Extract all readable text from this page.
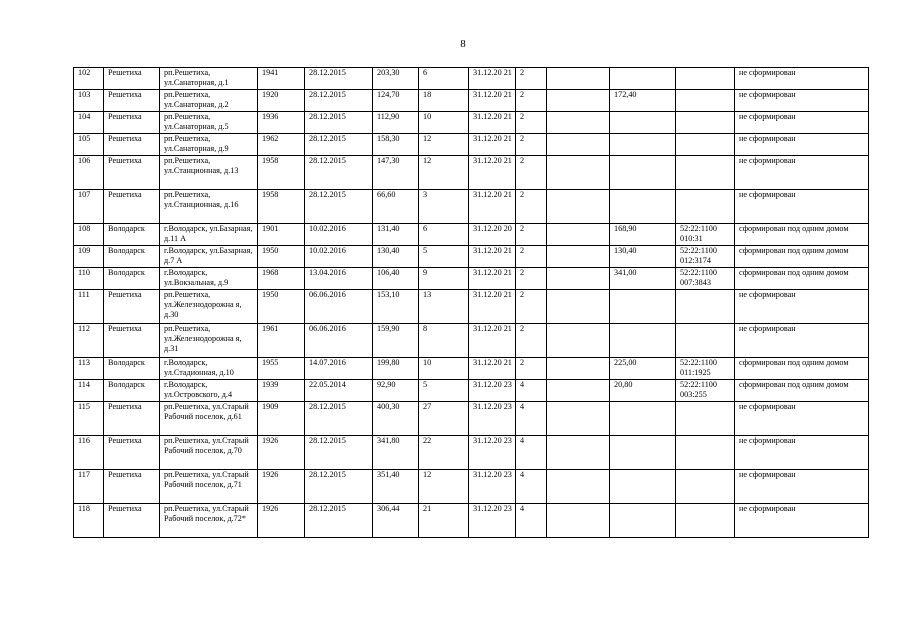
8
102	Решетиха	рп.Решетиха, ул.Санаторная, д.1	1941	28.12.2015	203,30	6	31.12.20 21	2				не сформирован
103	Решетиха	рп.Решетиха, ул.Санаторная, д.2	1920	28.12.2015	124,70	18	31.12.20 21	2		172,40		не сформирован
104	Решетиха	рп.Решетиха, ул.Санаторная, д.5	1936	28.12.2015	112,90	10	31.12.20 21	2				не сформирован
105	Решетиха	рп.Решетиха, ул.Санаторная, д.9	1962	28.12.2015	158,30	12	31.12.20 21	2				не сформирован
106	Решетиха	рп.Решетиха, ул.Станционная, д.13	1958	28.12.2015	147,30	12	31.12.20 21	2				не сформирован
107	Решетиха	рп.Решетиха, ул.Станционная, д.16	1958	28.12.2015	66,60	3	31.12.20 21	2				не сформирован
108	Володарск	г.Володарск, ул.Базарная, д.11 А	1901	10.02.2016	131,40	6	31.12.20 20	2		168,90	52:22:1100 010:31	сформирован под одним домом
109	Володарск	г.Володарск, ул.Базарная, д.7 А	1950	10.02.2016	130,40	5	31.12.20 21	2		130,40	52:22:1100 012:3174	сформирован под одним домом
110	Володарск	г.Володарск, ул.Вокзальная, д.9	1968	13.04.2016	106,40	9	31.12.20 21	2		341,00	52:22:1100 007:3843	сформирован под одним домом
111	Решетиха	рп.Решетиха, ул.Железнодорожна я, д.30	1950	06.06.2016	153,10	13	31.12.20 21	2				не сформирован
112	Решетиха	рп.Решетиха, ул.Железнодорожна я, д.31	1961	06.06.2016	159,90	8	31.12.20 21	2				не сформирован
113	Володарск	г.Володарск, ул.Стадионная, д.10	1955	14.07.2016	199,80	10	31.12.20 21	2		225,00	52:22:1100 011:1925	сформирован под одним домом
114	Володарск	г.Володарск, ул.Островского, д.4	1939	22.05.2014	92,90	5	31.12.20 23	4		20,80	52:22:1100 003:255	сформирован под одним домом
115	Решетиха	рп.Решетиха, ул.Старый Рабочий поселок, д.61	1909	28.12.2015	400,30	27	31.12.20 23	4				не сформирован
116	Решетиха	рп.Решетиха, ул.Старый Рабочий поселок, д.70	1926	28.12.2015	341,80	22	31.12.20 23	4				не сформирован
117	Решетиха	рп.Решетиха, ул.Старый Рабочий поселок, д.71	1926	28.12.2015	351,40	12	31.12.20 23	4				не сформирован
118	Решетиха	рп.Решетиха, ул.Старый Рабочий поселок, д.72*	1926	28.12.2015	306,44	21	31.12.20 23	4				не сформирован
